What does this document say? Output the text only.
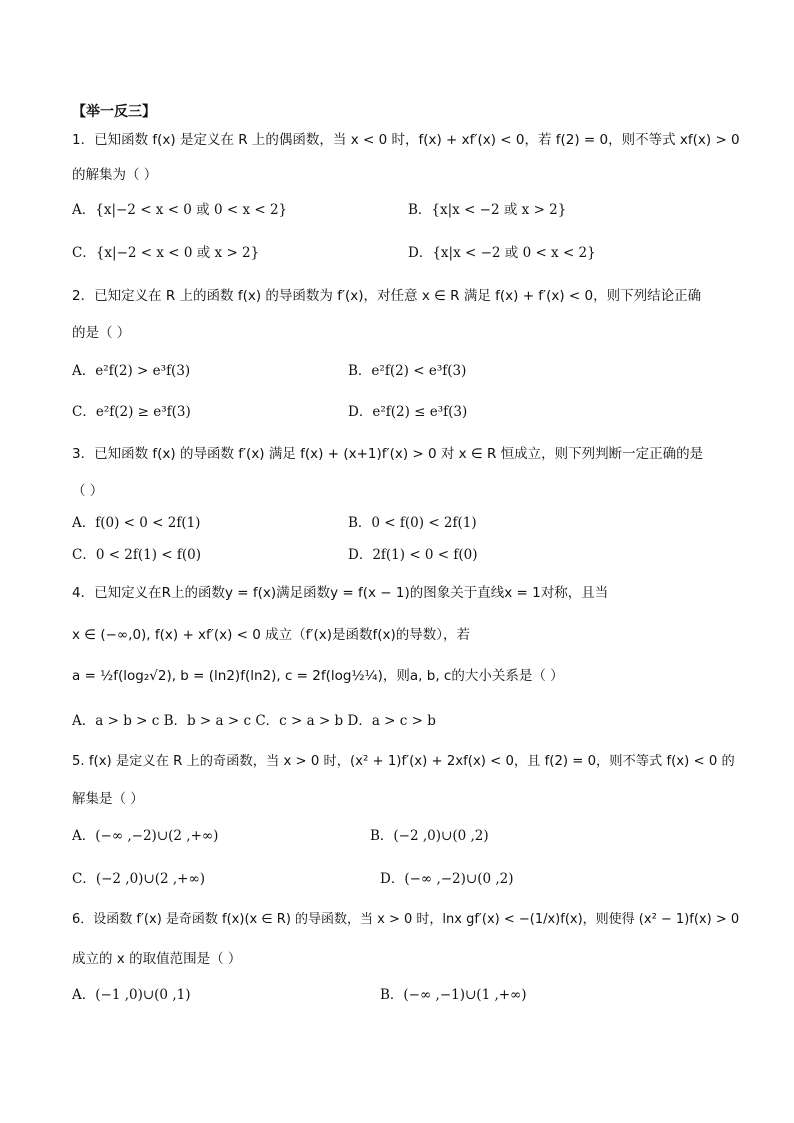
【举一反三】
1．已知函数 f(x) 是定义在 R 上的偶函数，当 x < 0 时，f(x) + xf′(x) < 0，若 f(2) = 0，则不等式 xf(x) > 0
的解集为（ ）
A．{x|−2 < x < 0 或 0 < x < 2}	B．{x|x < −2 或 x > 2}
C．{x|−2 < x < 0 或 x > 2}	D．{x|x < −2 或 0 < x < 2}
2．已知定义在 R 上的函数 f(x) 的导函数为 f′(x)，对任意 x ∈ R 满足 f(x) + f′(x) < 0，则下列结论正确
的是（ ）
A．e²f(2) > e³f(3)	B．e²f(2) < e³f(3)
C．e²f(2) ≥ e³f(3)	D．e²f(2) ≤ e³f(3)
3．已知函数 f(x) 的导函数 f′(x) 满足 f(x) + (x+1)f′(x) > 0 对 x ∈ R 恒成立，则下列判断一定正确的是
（ ）
A．f(0) < 0 < 2f(1)	B．0 < f(0) < 2f(1)
C．0 < 2f(1) < f(0)	D．2f(1) < 0 < f(0)
4．已知定义在R上的函数y = f(x)满足函数y = f(x − 1)的图象关于直线x = 1对称，且当
x ∈ (−∞,0), f(x) + xf′(x) < 0 成立（f′(x)是函数f(x)的导数），若
a = ½f(log₂√2), b = (ln2)f(ln2), c = 2f(log½¼)，则a, b, c的大小关系是（ ）
A．a > b > c B．b > a > c C．c > a > b D．a > c > b
5. f(x) 是定义在 R 上的奇函数，当 x > 0 时，(x² + 1)f′(x) + 2xf(x) < 0，且 f(2) = 0，则不等式 f(x) < 0 的
解集是（ ）
A．(−∞ ,−2)∪(2 ,+∞)	B．(−2 ,0)∪(0 ,2)
C．(−2 ,0)∪(2 ,+∞)	D．(−∞ ,−2)∪(0 ,2)
6．设函数 f′(x) 是奇函数 f(x)(x ∈ R) 的导函数，当 x > 0 时，lnx gf′(x) < −(1/x)f(x)，则使得 (x² − 1)f(x) > 0
成立的 x 的取值范围是（ ）
A．(−1 ,0)∪(0 ,1)	B．(−∞ ,−1)∪(1 ,+∞)
